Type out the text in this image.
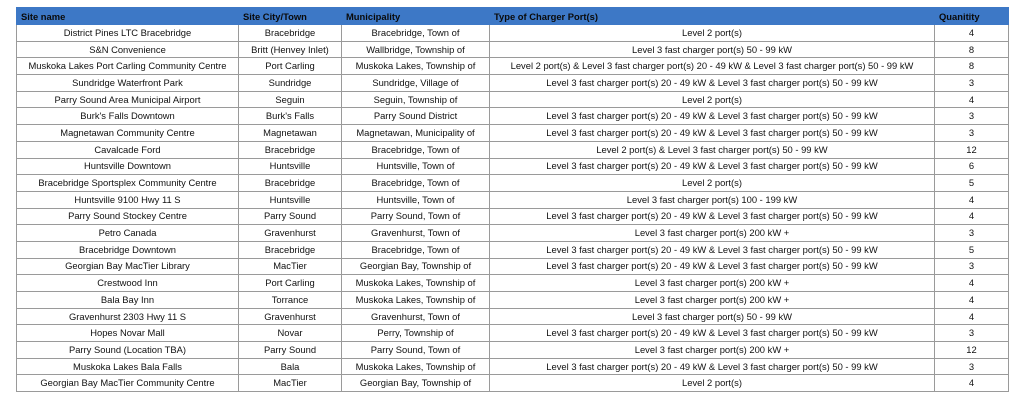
Site name	Site City/Town	Municipality	Type of Charger Port(s)	Quanitity
District Pines LTC Bracebridge	Bracebridge	Bracebridge, Town of	Level 2 port(s)	4
S&N Convenience	Britt (Henvey Inlet)	Wallbridge, Township of	Level 3 fast charger port(s) 50 - 99 kW	8
Muskoka Lakes Port Carling Community Centre	Port Carling	Muskoka Lakes, Township of	Level 2 port(s) & Level 3 fast charger port(s) 20 - 49 kW & Level 3 fast charger port(s) 50 - 99 kW	8
Sundridge Waterfront Park	Sundridge	Sundridge, Village of	Level 3 fast charger port(s) 20 - 49 kW & Level 3 fast charger port(s) 50 - 99 kW	3
Parry Sound Area Municipal Airport	Seguin	Seguin, Township of	Level 2 port(s)	4
Burk's Falls Downtown	Burk's Falls	Parry Sound District	Level 3 fast charger port(s) 20 - 49 kW & Level 3 fast charger port(s) 50 - 99 kW	3
Magnetawan Community Centre	Magnetawan	Magnetawan, Municipality of	Level 3 fast charger port(s) 20 - 49 kW & Level 3 fast charger port(s) 50 - 99 kW	3
Cavalcade Ford	Bracebridge	Bracebridge, Town of	Level 2 port(s) & Level 3 fast charger port(s) 50 - 99 kW	12
Huntsville Downtown	Huntsville	Huntsville, Town of	Level 3 fast charger port(s) 20 - 49 kW & Level 3 fast charger port(s) 50 - 99 kW	6
Bracebridge Sportsplex Community Centre	Bracebridge	Bracebridge, Town of	Level 2 port(s)	5
Huntsville 9100 Hwy 11 S	Huntsville	Huntsville, Town of	Level 3 fast charger port(s) 100 - 199 kW	4
Parry Sound Stockey Centre	Parry Sound	Parry Sound, Town of	Level 3 fast charger port(s) 20 - 49 kW & Level 3 fast charger port(s) 50 - 99 kW	4
Petro Canada	Gravenhurst	Gravenhurst, Town of	Level 3 fast charger port(s) 200 kW +	3
Bracebridge Downtown	Bracebridge	Bracebridge, Town of	Level 3 fast charger port(s) 20 - 49 kW & Level 3 fast charger port(s) 50 - 99 kW	5
Georgian Bay MacTier Library	MacTier	Georgian Bay, Township of	Level 3 fast charger port(s) 20 - 49 kW & Level 3 fast charger port(s) 50 - 99 kW	3
Crestwood Inn	Port Carling	Muskoka Lakes, Township of	Level 3 fast charger port(s) 200 kW +	4
Bala Bay Inn	Torrance	Muskoka Lakes, Township of	Level 3 fast charger port(s) 200 kW +	4
Gravenhurst 2303 Hwy 11 S	Gravenhurst	Gravenhurst, Town of	Level 3 fast charger port(s) 50 - 99 kW	4
Hopes Novar Mall	Novar	Perry, Township of	Level 3 fast charger port(s) 20 - 49 kW & Level 3 fast charger port(s) 50 - 99 kW	3
Parry Sound (Location TBA)	Parry Sound	Parry Sound, Town of	Level 3 fast charger port(s) 200 kW +	12
Muskoka Lakes Bala Falls	Bala	Muskoka Lakes, Township of	Level 3 fast charger port(s) 20 - 49 kW & Level 3 fast charger port(s) 50 - 99 kW	3
Georgian Bay MacTier Community Centre	MacTier	Georgian Bay, Township of	Level 2 port(s)	4
